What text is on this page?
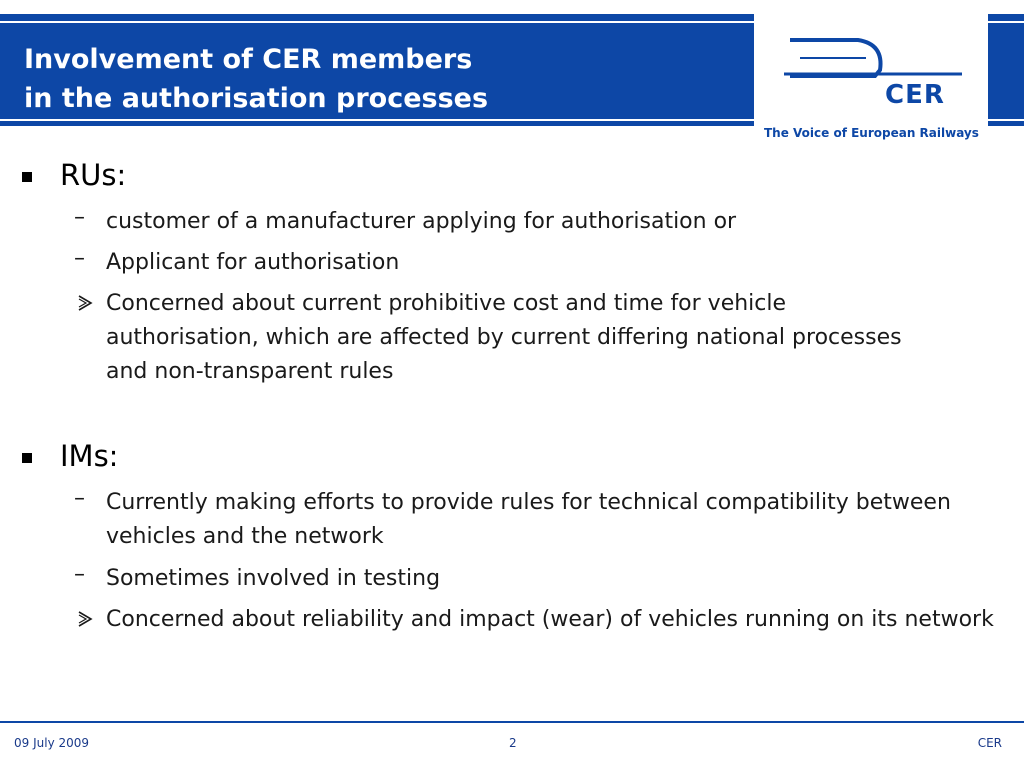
Involvement of CER members
in the authorisation processes	CER
The Voice of European Railways
RUs:
– customer of a manufacturer applying for authorisation or
– Applicant for authorisation
Concerned about current prohibitive cost and time for vehicle authorisation, which are affected by current differing national processes and non-transparent rules
IMs:
– Currently making efforts to provide rules for technical compatibility between vehicles and the network
– Sometimes involved in testing
Concerned about reliability and impact (wear) of vehicles running on its network
09 July 2009	2	CER
